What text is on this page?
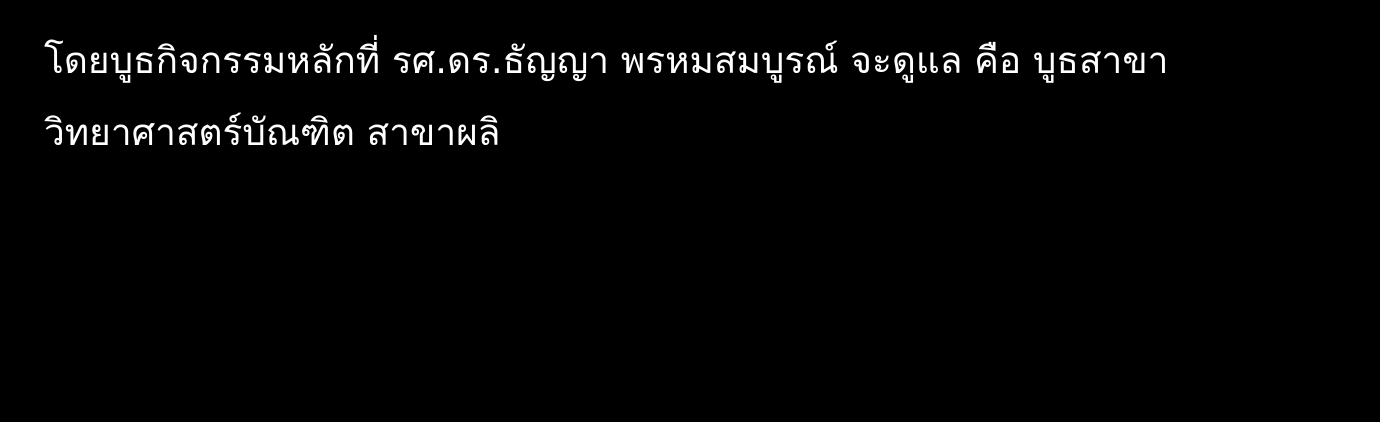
โดยบูธกิจกรรมหลักที่ รศ.ดร.ธัญญา พรหมสมบูรณ์ จะดูแล คือ บูธสาขา
วิทยาศาสตร์บัณฑิต สาขาผลิ
